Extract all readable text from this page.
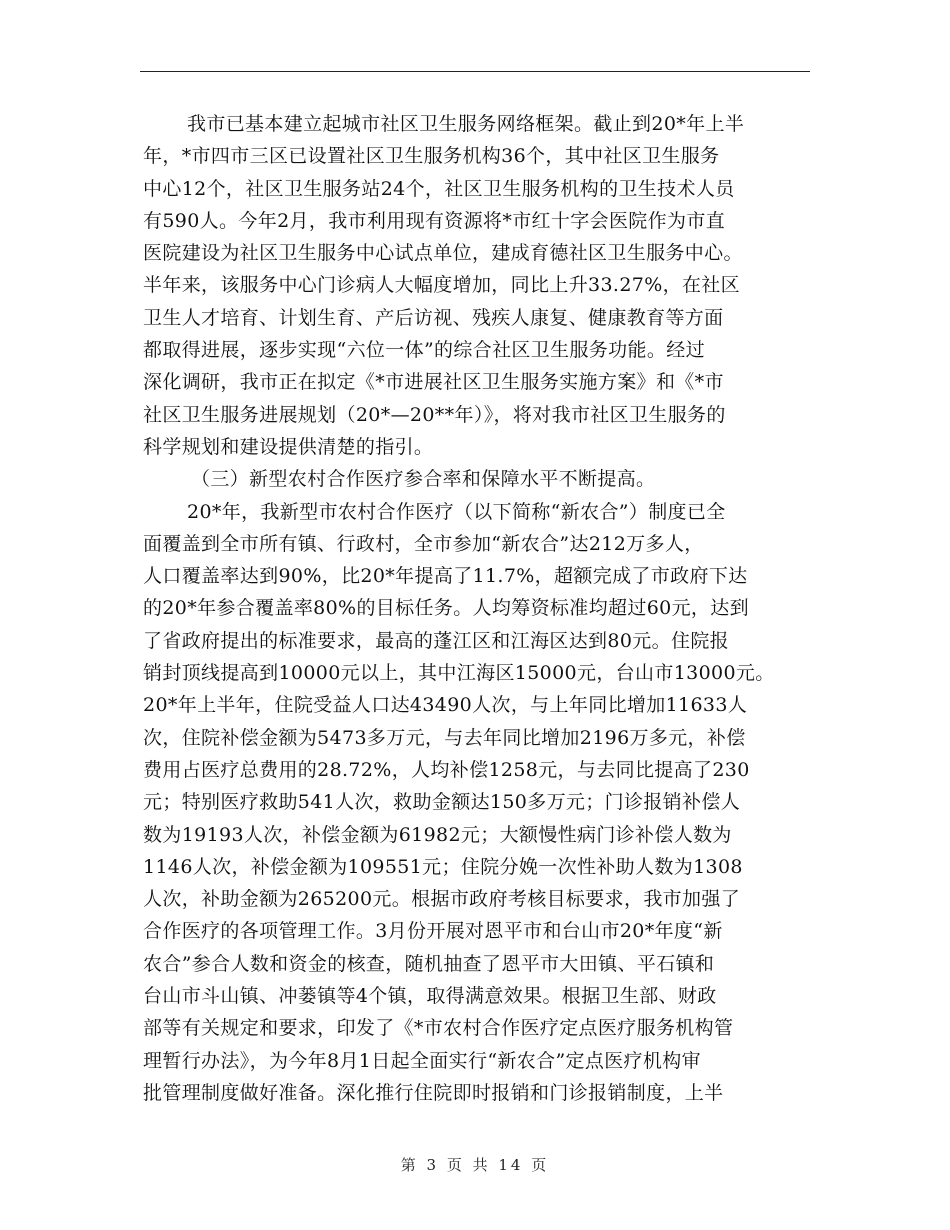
我市已基本建立起城市社区卫生服务网络框架。截止到20*年上半
年，*市四市三区已设置社区卫生服务机构36个，其中社区卫生服务
中心12个，社区卫生服务站24个，社区卫生服务机构的卫生技术人员
有590人。今年2月，我市利用现有资源将*市红十字会医院作为市直
医院建设为社区卫生服务中心试点单位，建成育德社区卫生服务中心。
半年来，该服务中心门诊病人大幅度增加，同比上升33.27%，在社区
卫生人才培育、计划生育、产后访视、残疾人康复、健康教育等方面
都取得进展，逐步实现“六位一体”的综合社区卫生服务功能。经过
深化调研，我市正在拟定《*市进展社区卫生服务实施方案》和《*市
社区卫生服务进展规划（20*—20**年）》，将对我市社区卫生服务的
科学规划和建设提供清楚的指引。
（三）新型农村合作医疗参合率和保障水平不断提高。
20*年，我新型市农村合作医疗（以下简称“新农合”）制度已全
面覆盖到全市所有镇、行政村，全市参加“新农合”达212万多人，
人口覆盖率达到90%，比20*年提高了11.7%，超额完成了市政府下达
的20*年参合覆盖率80%的目标任务。人均筹资标准均超过60元，达到
了省政府提出的标准要求，最高的蓬江区和江海区达到80元。住院报
销封顶线提高到10000元以上，其中江海区15000元，台山市13000元。
20*年上半年，住院受益人口达43490人次，与上年同比增加11633人
次，住院补偿金额为5473多万元，与去年同比增加2196万多元，补偿
费用占医疗总费用的28.72%，人均补偿1258元，与去同比提高了230
元；特别医疗救助541人次，救助金额达150多万元；门诊报销补偿人
数为19193人次，补偿金额为61982元；大额慢性病门诊补偿人数为
1146人次，补偿金额为109551元；住院分娩一次性补助人数为1308
人次，补助金额为265200元。根据市政府考核目标要求，我市加强了
合作医疗的各项管理工作。3月份开展对恩平市和台山市20*年度“新
农合”参合人数和资金的核查，随机抽查了恩平市大田镇、平石镇和
台山市斗山镇、冲蒌镇等4个镇，取得满意效果。根据卫生部、财政
部等有关规定和要求，印发了《*市农村合作医疗定点医疗服务机构管
理暂行办法》，为今年8月1日起全面实行“新农合”定点医疗机构审
批管理制度做好准备。深化推行住院即时报销和门诊报销制度，上半
第 3 页 共 14 页
